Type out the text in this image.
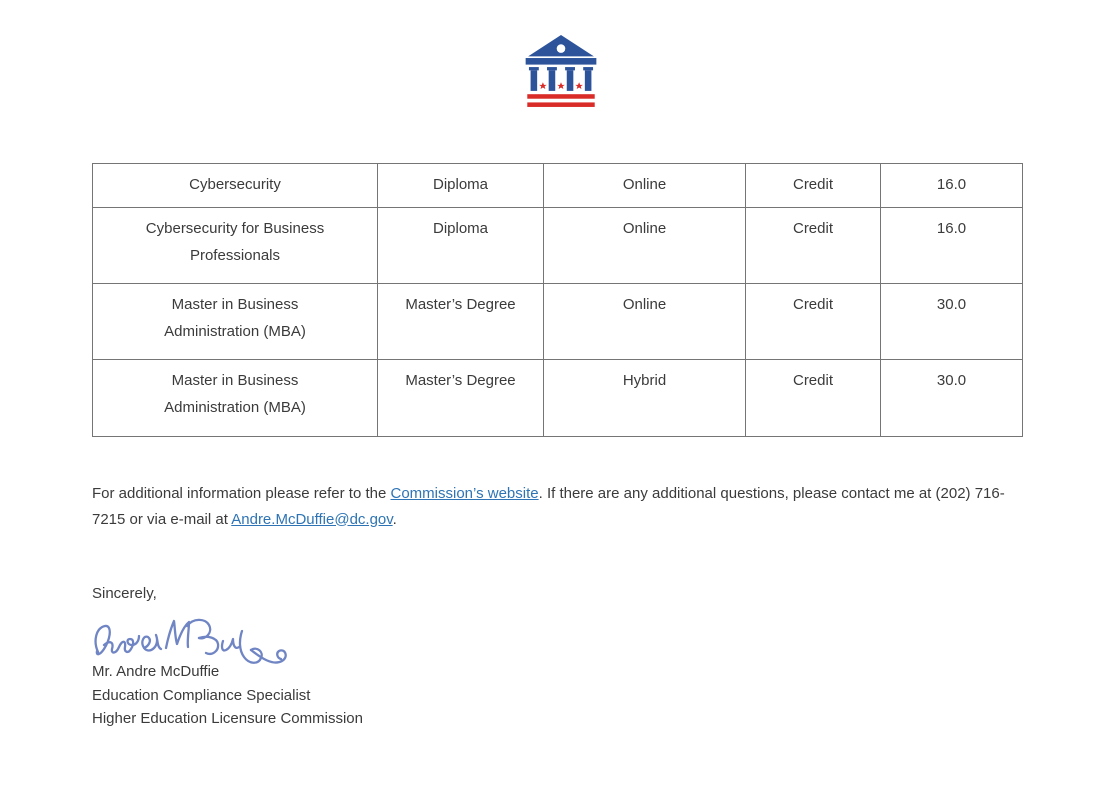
Cybersecurity	Diploma	Online	Credit	16.0

Cybersecurity for Business Professionals	Diploma	Online	Credit	16.0

Master in Business Administration (MBA)	Master’s Degree	Online	Credit	30.0

Master in Business Administration (MBA)	Master’s Degree	Hybrid	Credit	30.0

For additional information please refer to the Commission’s website. If there are any additional questions, please contact me at (202) 716-7215 or via e-mail at Andre.McDuffie@dc.gov.

Sincerely,
Mr. Andre McDuffie
Education Compliance Specialist
Higher Education Licensure Commission
